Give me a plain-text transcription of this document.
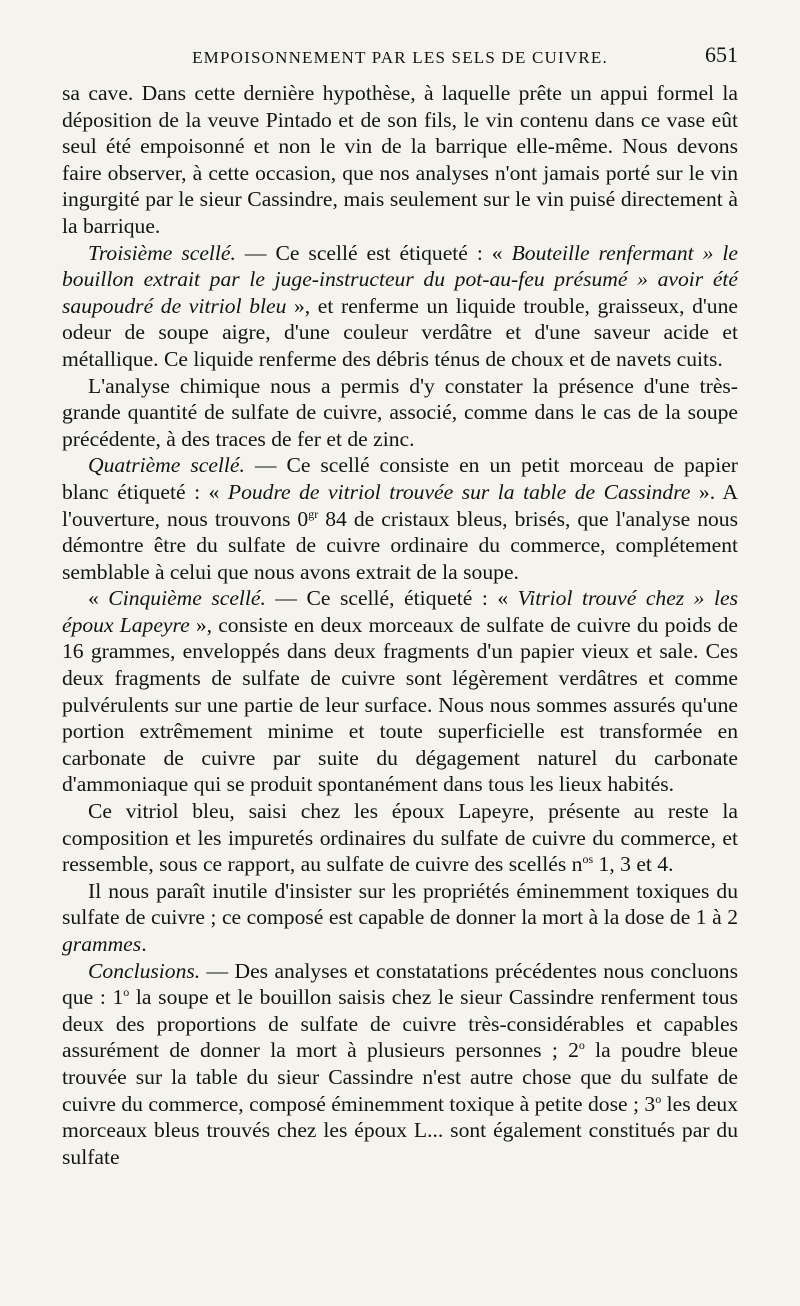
EMPOISONNEMENT PAR LES SELS DE CUIVRE.	651

sa cave. Dans cette dernière hypothèse, à laquelle prête un appui formel la déposition de la veuve Pintado et de son fils, le vin contenu dans ce vase eût seul été empoisonné et non le vin de la barrique elle-même. Nous devons faire observer, à cette occasion, que nos analyses n'ont jamais porté sur le vin ingurgité par le sieur Cassindre, mais seulement sur le vin puisé directement à la barrique.

Troisième scellé. — Ce scellé est étiqueté : « Bouteille renfermant » le bouillon extrait par le juge-instructeur du pot-au-feu présumé » avoir été saupoudré de vitriol bleu », et renferme un liquide trouble, graisseux, d'une odeur de soupe aigre, d'une couleur verdâtre et d'une saveur acide et métallique. Ce liquide renferme des débris ténus de choux et de navets cuits.

L'analyse chimique nous a permis d'y constater la présence d'une très-grande quantité de sulfate de cuivre, associé, comme dans le cas de la soupe précédente, à des traces de fer et de zinc.

Quatrième scellé. — Ce scellé consiste en un petit morceau de papier blanc étiqueté : « Poudre de vitriol trouvée sur la table de Cassindre ». A l'ouverture, nous trouvons $0^{gr}$ 84 de cristaux bleus, brisés, que l'analyse nous démontre être du sulfate de cuivre ordinaire du commerce, complétement semblable à celui que nous avons extrait de la soupe.

« Cinquième scellé. — Ce scellé, étiqueté : « Vitriol trouvé chez » les époux Lapeyre », consiste en deux morceaux de sulfate de cuivre du poids de 16 grammes, enveloppés dans deux fragments d'un papier vieux et sale. Ces deux fragments de sulfate de cuivre sont légèrement verdâtres et comme pulvérulents sur une partie de leur surface. Nous nous sommes assurés qu'une portion extrêmement minime et toute superficielle est transformée en carbonate de cuivre par suite du dégagement naturel du carbonate d'ammoniaque qui se produit spontanément dans tous les lieux habités.

Ce vitriol bleu, saisi chez les époux Lapeyre, présente au reste la composition et les impuretés ordinaires du sulfate de cuivre du commerce, et ressemble, sous ce rapport, au sulfate de cuivre des scellés $n^{os}$ 1, 3 et 4.

Il nous paraît inutile d'insister sur les propriétés éminemment toxiques du sulfate de cuivre ; ce composé est capable de donner la mort à la dose de 1 à 2 grammes.

Conclusions. — Des analyses et constatations précédentes nous concluons que : 1$^o$ la soupe et le bouillon saisis chez le sieur Cassindre renferment tous deux des proportions de sulfate de cuivre très-considérables et capables assurément de donner la mort à plusieurs personnes ; 2$^o$ la poudre bleue trouvée sur la table du sieur Cassindre n'est autre chose que du sulfate de cuivre du commerce, composé éminemment toxique à petite dose ; 3$^o$ les deux morceaux bleus trouvés chez les époux L... sont également constitués par du sulfate
